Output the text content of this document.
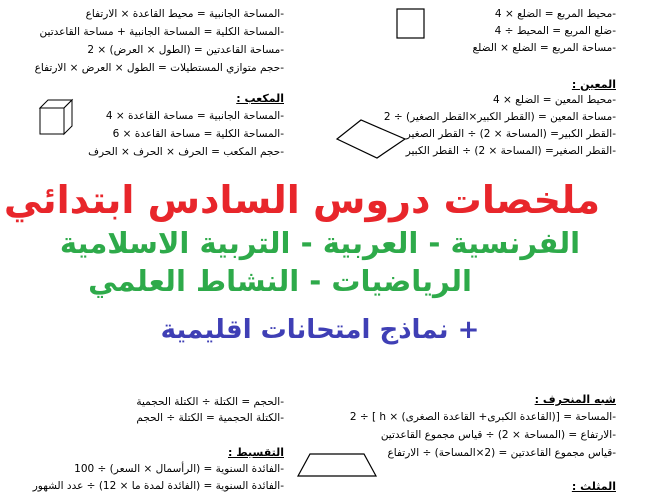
-محيط المربع = الضلع × 4
-ضلع المربع = المحيط ÷ 4
-مساحة المربع = الضلع × الضلع
-المساحة الجانبية = محيط القاعدة × الارتفاع
-المساحة الكلية = المساحة الجانبية + مساحة القاعدتين
-مساحة القاعدتين = (الطول × العرض) × 2
-حجم متوازي المستطيلات = الطول × العرض × الارتفاع
المعين :
-محيط المعين = الضلع × 4
-مساحة المعين = (القطر الكبير×القطر الصغير) ÷ 2
-القطر الكبير= (المساحة × 2) ÷ القطر الصغير
-القطر الصغير= (المساحة × 2) ÷ القطر الكبير
المكعب :
-المساحة الجانبية = مساحة القاعدة × 4
-المساحة الكلية = مساحة القاعدة × 6
-حجم المكعب = الحرف × الحرف × الحرف
ملخصات دروس السادس ابتدائي
الفرنسية - العربية - التربية الاسلامية
الرياضيات - النشاط العلمي
+ نماذج امتحانات اقليمية
-الحجم = الكتلة ÷ الكتلة الحجمية
-الكتلة الحجمية = الكتلة ÷ الحجم
شبه المنحرف :
-المساحة = [(القاعدة الكبرى+ القاعدة الصغرى) × h ] ÷ 2
-الارتفاع = (المساحة × 2) ÷ قياس مجموع القاعدتين
-قياس مجموع القاعدتين = (2×المساحة) ÷ الارتفاع
التقسيط :
-الفائدة السنوية = (الرأسمال × السعر) ÷ 100
-الفائدة السنوية = (الفائدة لمدة ما × 12) ÷ عدد الشهور	المثلث :
